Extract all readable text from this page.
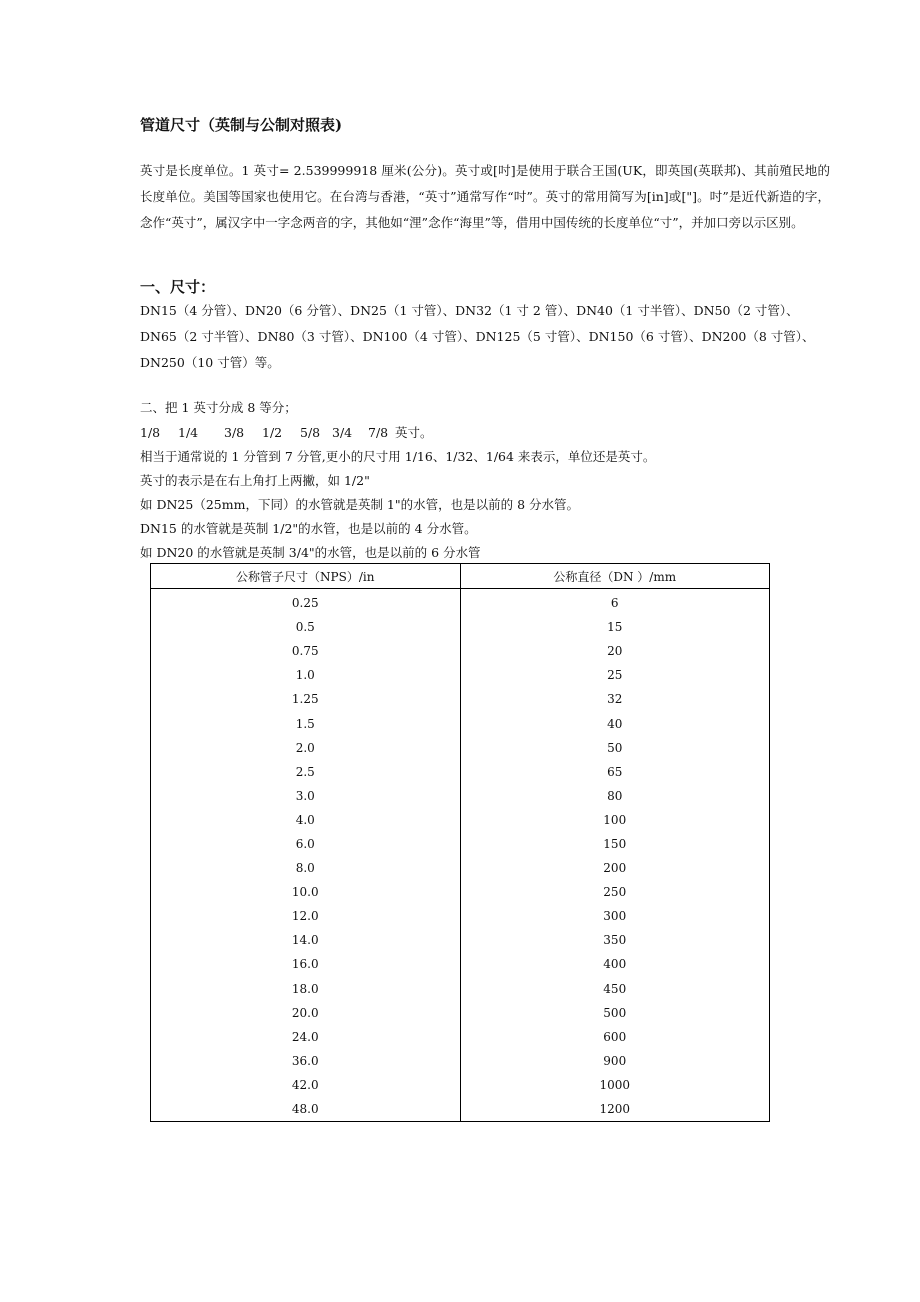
管道尺寸（英制与公制对照表)

英寸是长度单位。1 英寸= 2.539999918 厘米(公分)。英寸或[吋]是使用于联合王国(UK，即英国(英联邦)、其前殖民地的长度单位。美国等国家也使用它。在台湾与香港，“英寸”通常写作“吋”。英寸的常用简写为[in]或["]。吋”是近代新造的字，念作“英寸”，属汉字中一字念两音的字，其他如“浬”念作“海里”等，借用中国传统的长度单位“寸”，并加口旁以示区别。

一、尺寸：

DN15（4 分管）、DN20（6 分管）、DN25（1 寸管）、DN32（1 寸 2 管）、DN40（1 寸半管）、DN50（2 寸管）、DN65（2 寸半管）、DN80（3 寸管）、DN100（4 寸管）、DN125（5 寸管）、DN150（6 寸管）、DN200（8 寸管）、DN250（10 寸管）等。

二、把 1 英寸分成 8 等分；

1/8 1/4 3/8 1/2 5/8 3/4 7/8 英寸。

相当于通常说的 1 分管到 7 分管,更小的尺寸用 1/16、1/32、1/64 来表示，单位还是英寸。

英寸的表示是在右上角打上两撇，如 1/2"

如 DN25（25mm，下同）的水管就是英制 1"的水管，也是以前的 8 分水管。

DN15 的水管就是英制 1/2"的水管，也是以前的 4 分水管。

如 DN20 的水管就是英制 3/4"的水管，也是以前的 6 分水管

公称管子尺寸（NPS）/in	公称直径（DN ）/mm
0.25	6
0.5	15
0.75	20
1.0	25
1.25	32
1.5	40
2.0	50
2.5	65
3.0	80
4.0	100
6.0	150
8.0	200
10.0	250
12.0	300
14.0	350
16.0	400
18.0	450
20.0	500
24.0	600
36.0	900
42.0	1000
48.0	1200
